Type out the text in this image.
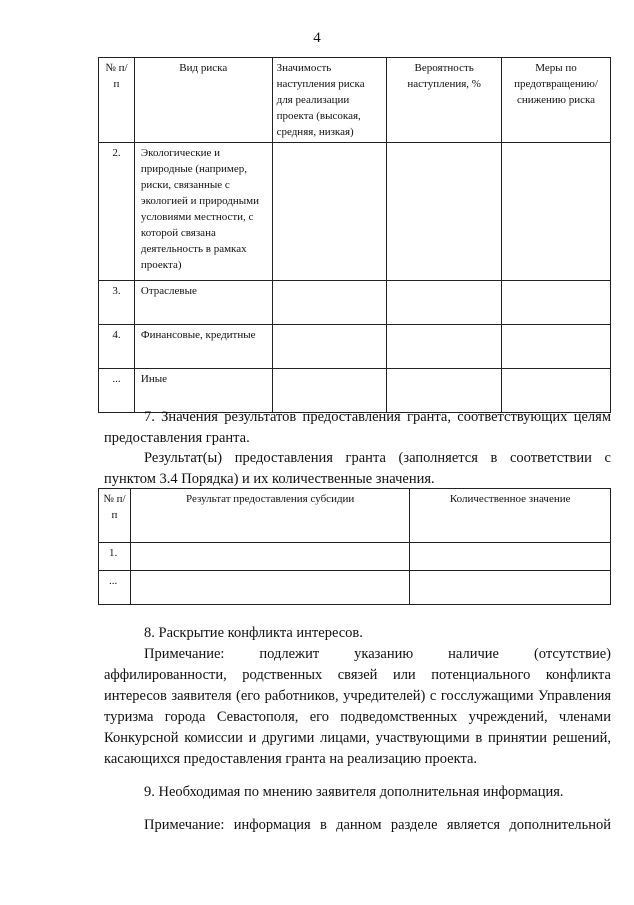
4
№ п/п	Вид риска	Значимость наступления риска для реализации проекта (высокая, средняя, низкая)	Вероятность наступления, %	Меры по предотвращению/ снижению риска
2.	Экологические и природные (например, риски, связанные с экологией и природными условиями местности, с которой связана деятельность в рамках проекта)			
3.	Отраслевые			
4.	Финансовые, кредитные			
...	Иные			

7. Значения результатов предоставления гранта, соответствующих целям предоставления гранта.

Результат(ы) предоставления гранта (заполняется в соответствии с пунктом 3.4 Порядка) и их количественные значения.

№ п/п	Результат предоставления субсидии	Количественное значение
1.		
...		

8. Раскрытие конфликта интересов.

Примечание: подлежит указанию наличие (отсутствие) аффилированности, родственных связей или потенциального конфликта интересов заявителя (его работников, учредителей) с госслужащими Управления туризма города Севастополя, его подведомственных учреждений, членами Конкурсной комиссии и другими лицами, участвующими в принятии решений, касающихся предоставления гранта на реализацию проекта.

9. Необходимая по мнению заявителя дополнительная информация.

Примечание: информация в данном разделе является дополнительной
